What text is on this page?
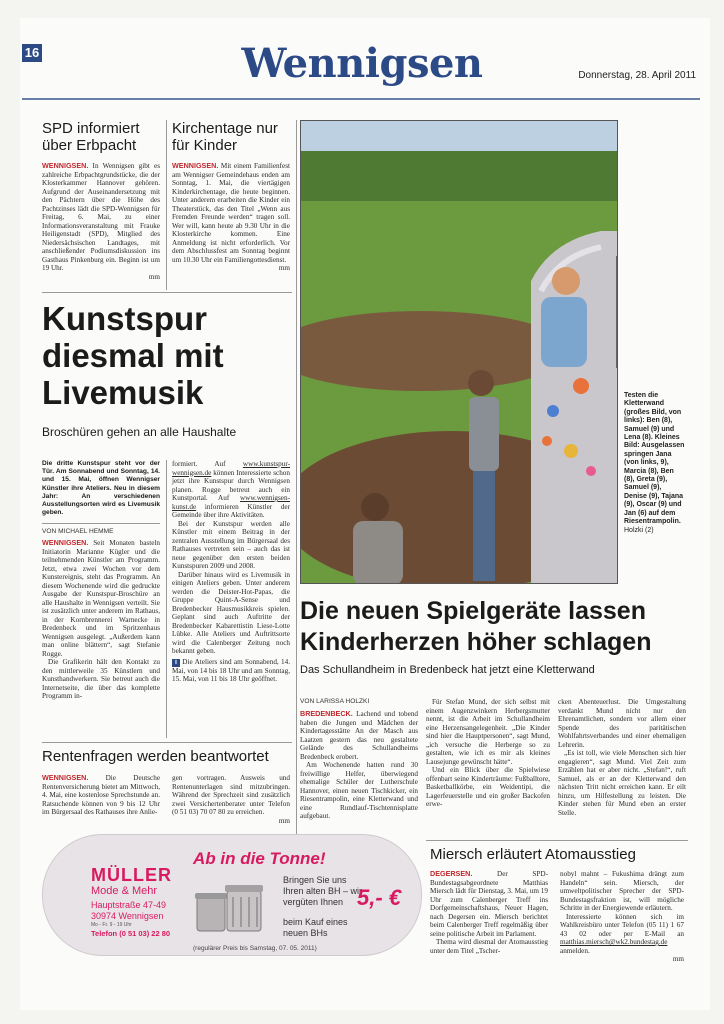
16	Wennigsen	Donnerstag, 28. April 2011
SPD informiert über Erbpacht
WENNIGSEN. In Wennigsen gibt es zahlreiche Erbpachtgrundstücke, die der Klosterkammer Hannover gehören. Aufgrund der Auseinandersetzung mit den Pächtern über die Höhe des Pachtzinses lädt die SPD-Wennigsen für Freitag, 6. Mai, zu einer Informationsveranstaltung mit Frauke Heiligenstadt (SPD), Mitglied des Niedersächsischen Landtages, mit anschließender Podiumsdiskussion ins Gasthaus Pinkenburg ein. Beginn ist um 19 Uhr.
mm
Kirchentage nur für Kinder
WENNIGSEN. Mit einem Familienfest am Wennigser Gemeindehaus enden am Sonntag, 1. Mai, die viertägigen Kinderkirchentage, die heute beginnen. Unter anderem erarbeiten die Kinder ein Theaterstück, das den Titel „Wenn aus Fremden Freunde werden“ tragen soll. Wer will, kann heute ab 9.30 Uhr in die Klosterkirche kommen. Eine Anmeldung ist nicht erforderlich. Vor dem Abschlussfest am Sonntag beginnt um 10.30 Uhr ein Familiengottesdienst.
mm
Kunstspur diesmal mit Livemusik
Broschüren gehen an alle Haushalte
Die dritte Kunstspur steht vor der Tür. Am Sonnabend und Sonntag, 14. und 15. Mai, öffnen Wennigser Künstler ihre Ateliers. Neu in diesem Jahr: An verschiedenen Ausstellungsorten wird es Livemusik geben.
VON MICHAEL HEMME
WENNIGSEN. Seit Monaten basteln Initiatorin Marianne Kügler und die teilnehmenden Künstler am Programm. Jetzt, etwa zwei Wochen vor dem Kunstereignis, steht das Programm. An diesem Wochenende wird die gedruckte Ausgabe der Kunstspur-Broschüre an alle Haushalte in Wennigsen verteilt. Sie ist zusätzlich unter anderem im Rathaus, in der Kornbrennerei Warnecke in Bredenbeck und im Spritzenhaus Wennigsen ausgelegt. „Außerdem kann man online blättern“, sagt Stefanie Rogge.
Die Grafikerin hält den Kontakt zu den mittlerweile 35 Künstlern und Kunsthandwerkern. Sie betreut auch die Internetseite, die über das komplette Programm in-
formiert. Auf www.kunstspur-wennigsen.de können Interessierte schon jetzt ihre Kunstspur durch Wennigsen planen. Rogge betreut auch ein Kunstportal. Auf www.wennigsen-kunst.de informieren Künstler der Gemeinde über ihre Aktivitäten.
Bei der Kunstspur werden alle Künstler mit einem Beitrag in der zentralen Ausstellung im Bürgersaal des Rathauses vertreten sein – auch das ist neue gegenüber den ersten beiden Kunstspuren 2009 und 2008.
Darüber hinaus wird es Livemusik in einigen Ateliers geben. Unter anderem werden die Deister-Hot-Papas, die Gruppe Quint-A-Sense und Bredenbecker Hausmusikkreis spielen. Geplant sind auch Auftritte der Bredenbecker Kabarettistin Liese-Lotte Lübke. Alle Ateliers und Auftrittsorte wird die Calenberger Zeitung noch bekannt geben.
i Die Ateliers sind am Sonnabend, 14. Mai, von 14 bis 18 Uhr und am Sonntag, 15. Mai, von 11 bis 18 Uhr geöffnet.
Rentenfragen werden beantwortet
WENNIGSEN. Die Deutsche Rentenversicherung bietet am Mittwoch, 4. Mai, eine kostenlose Sprechstunde an. Ratsuchende können von 9 bis 12 Uhr im Bürgersaal des Rathauses ihre Anlie-
gen vortragen. Ausweis und Rentenunterlagen sind mitzubringen. Während der Sprechzeit sind zusätzlich zwei Versichertenberater unter Telefon (0 51 03) 70 07 80 zu erreichen.
mm
Testen die Kletterwand (großes Bild, von links): Ben (8), Samuel (9) und Lena (8). Kleines Bild: Ausgelassen springen Jana (von links, 9), Marcia (8), Ben (8), Greta (9), Samuel (9), Denise (9), Tajana (9), Oscar (9) und Jan (6) auf dem Riesentrampolin.
Holzki (2)
Die neuen Spielgeräte lassen Kinderherzen höher schlagen
Das Schullandheim in Bredenbeck hat jetzt eine Kletterwand
VON LARISSA HOLZKI
BREDENBECK. Lachend und tobend haben die Jungen und Mädchen der Kindertagesstätte An der Masch aus Laatzen gestern das neu gestaltete Gelände des Schullandheims Bredenbeck erobert.
Am Wochenende hatten rund 30 freiwillige Helfer, überwiegend ehemalige Schüler der Lutherschule Hannover, einen neuen Tischkicker, ein Riesentrampolin, eine Kletterwand und eine Rundlauf-Tischtennisplatte aufgebaut.
Für Stefan Mund, der sich selbst mit einem Augenzwinkern Herbergsmutter nennt, ist die Arbeit im Schullandheim eine Herzensangelegenheit. „Die Kinder sind hier die Hauptpersonen“, sagt Mund, „ich versuche die Herberge so zu gestalten, wie ich es mir als kleines Lausejunge gewünscht hätte“.
Und ein Blick über die Spielwiese offenbart seine Kinderträume: Fußballtore, Basketballkörbe, ein Weidentipi, die Lagerfeuerstelle und ein großer Backofen erwe-
cken Abenteuerlust. Die Umgestaltung verdankt Mund nicht nur den Ehrenamtlichen, sondern vor allem einer Spende des paritätischen Wohlfahrtsverbandes und einer ehemaligen Lehrerin.
„Es ist toll, wie viele Menschen sich hier engagieren“, sagt Mund. Viel Zeit zum Erzählen hat er aber nicht. „Stefan!“, ruft Samuel, als er an der Kletterwand den nächsten Tritt nicht erreichen kann. Er eilt hinzu, um Hilfestellung zu leisten. Die Kinder stehen für Mund eben an erster Stelle.
Miersch erläutert Atomausstieg
DEGERSEN.	Der SPD-Bundestagsabgeordnete Matthias Miersch lädt für Dienstag, 3. Mai, um 19 Uhr zum Calenberger Treff ins Dorfgemeinschaftshaus, Neuer Hagen, nach Degersen ein. Miersch berichtet beim Calenberger Treff regelmäßig über seine politische Arbeit im Parlament.
Thema wird diesmal der Atomausstieg unter dem Titel „Tscher-
nobyl mahnt – Fukushima drängt zum Handeln“ sein. Miersch, der umweltpolitischer Sprecher der SPD-Bundestagsfraktion ist, will mögliche Schritte in der Energiewende erläutern.
Interessierte können sich im Wahlkreisbüro unter Telefon (05 11) 1 67 43 02 oder per E-Mail an matthias.miersch@wk2.bundestag.de anmelden.
mm
MÜLLER
Mode & Mehr
Hauptstraße 47-49
30974 Wennigsen
Mo - Fr. 9 - 19 Uhr
Telefon (0 51 03) 22 80
Ab in die Tonne!
Bringen Sie uns Ihren alten BH – wir vergüten Ihnen 5,- €
beim Kauf eines neuen BHs
(regulärer Preis bis Samstag, 07. 05. 2011)
